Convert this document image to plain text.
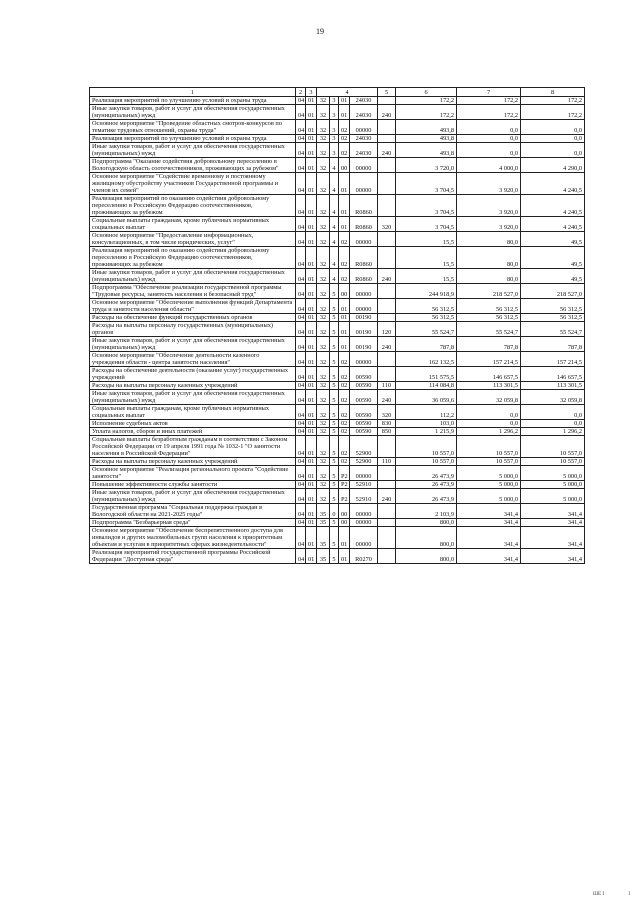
19
1	2	3	4				5	6	7	8
Реализация мероприятий по улучшению условий и охраны труда	04	01	32	3	01	24030		172,2	172,2	172,2
Иные закупки товаров, работ и услуг для обеспечения государственных (муниципальных) нужд	04	01	32	3	01	24030	240	172,2	172,2	172,2
Основное мероприятие "Проведение областных смотров-конкурсов по тематике трудовых отношений, охраны труда"	04	01	32	3	02	00000		493,8	0,0	0,0
Реализация мероприятий по улучшению условий и охраны труда	04	01	32	3	02	24030		493,8	0,0	0,0
Иные закупки товаров, работ и услуг для обеспечения государственных (муниципальных) нужд	04	01	32	3	02	24030	240	493,8	0,0	0,0
Подпрограмма "Оказание содействия добровольному переселению в Вологодскую область соотечественников, проживающих за рубежом"	04	01	32	4	00	00000		3 720,0	4 000,0	4 290,0
Основное мероприятие "Содействие временному и постоянному жилищному обустройству участников Государственной программы и членов их семей"	04	01	32	4	01	00000		3 704,5	3 920,0	4 240,5
Реализация мероприятий по оказанию содействия добровольному переселению в Российскую Федерацию соотечественников, проживающих за рубежом	04	01	32	4	01	R0860		3 704,5	3 920,0	4 240,5
Социальные выплаты гражданам, кроме публичных нормативных социальных выплат	04	01	32	4	01	R0860	320	3 704,5	3 920,0	4 240,5
Основное мероприятие "Предоставление информационных, консультационных, в том числе юридических, услуг"	04	01	32	4	02	00000		15,5	80,0	49,5
Реализация мероприятий по оказанию содействия добровольному переселению в Российскую Федерацию соотечественников, проживающих за рубежом	04	01	32	4	02	R0860		15,5	80,0	49,5
Иные закупки товаров, работ и услуг для обеспечения государственных (муниципальных) нужд	04	01	32	4	02	R0860	240	15,5	80,0	49,5
Подпрограмма "Обеспечение реализации государственной программы "Трудовые ресурсы, занятость населения и безопасный труд"	04	01	32	5	00	00000		244 918,9	218 527,0	218 527,0
Основное мероприятие "Обеспечение выполнения функций Департамента труда и занятости населения области"	04	01	32	5	01	00000		56 312,5	56 312,5	56 312,5
Расходы на обеспечение функций государственных органов	04	01	32	5	01	00190		56 312,5	56 312,5	56 312,5
Расходы на выплаты персоналу государственных (муниципальных) органов	04	01	32	5	01	00190	120	55 524,7	55 524,7	55 524,7
Иные закупки товаров, работ и услуг для обеспечения государственных (муниципальных) нужд	04	01	32	5	01	00190	240	787,8	787,8	787,8
Основное мероприятие "Обеспечение деятельности казенного учреждения области - центра занятости населения"	04	01	32	5	02	00000		162 132,5	157 214,5	157 214,5
Расходы на обеспечение деятельности (оказание услуг) государственных учреждений	04	01	32	5	02	00590		151 575,5	146 657,5	146 657,5
Расходы на выплаты персоналу казенных учреждений	04	01	32	5	02	00590	110	114 084,8	113 301,5	113 301,5
Иные закупки товаров, работ и услуг для обеспечения государственных (муниципальных) нужд	04	01	32	5	02	00590	240	36 059,6	32 059,8	32 059,8
Социальные выплаты гражданам, кроме публичных нормативных социальных выплат	04	01	32	5	02	00590	320	112,2	0,0	0,0
Исполнение судебных актов	04	01	32	5	02	00590	830	103,0	0,0	0,0
Уплата налогов, сборов и иных платежей	04	01	32	5	02	00590	850	1 215,9	1 296,2	1 296,2
Социальные выплаты безработным гражданам в соответствии с Законом Российской Федерации от 19 апреля 1991 года № 1032-1 "О занятости населения в Российской Федерации"	04	01	32	5	02	52900		10 557,0	10 557,0	10 557,0
Расходы на выплаты персоналу казенных учреждений	04	01	32	5	02	52900	110	10 557,0	10 557,0	10 557,0
Основное мероприятие "Реализация регионального проекта "Содействие занятости"	04	01	32	5	P2	00000		26 473,9	5 000,0	5 000,0
Повышение эффективности службы занятости	04	01	32	5	P2	52910		26 473,9	5 000,0	5 000,0
Иные закупки товаров, работ и услуг для обеспечения государственных (муниципальных) нужд	04	01	32	5	P2	52910	240	26 473,9	5 000,0	5 000,0
Государственная программа "Социальная поддержка граждан в Вологодской области на 2021-2025 годы"	04	01	35	0	00	00000		2 103,9	341,4	341,4
Подпрограмма "Безбарьерная среда"	04	01	35	5	00	00000		800,0	341,4	341,4
Основное мероприятие "Обеспечение беспрепятственного доступа для инвалидов и других маломобильных групп населения к приоритетным объектам и услугам в приоритетных сферах жизнедеятельности"	04	01	35	5	01	00000		800,0	341,4	341,4
Реализация мероприятий государственной программы Российской Федерации "Доступная среда"	04	01	35	5	01	R0270		800,0	341,4	341,4
ШЕ I	I
